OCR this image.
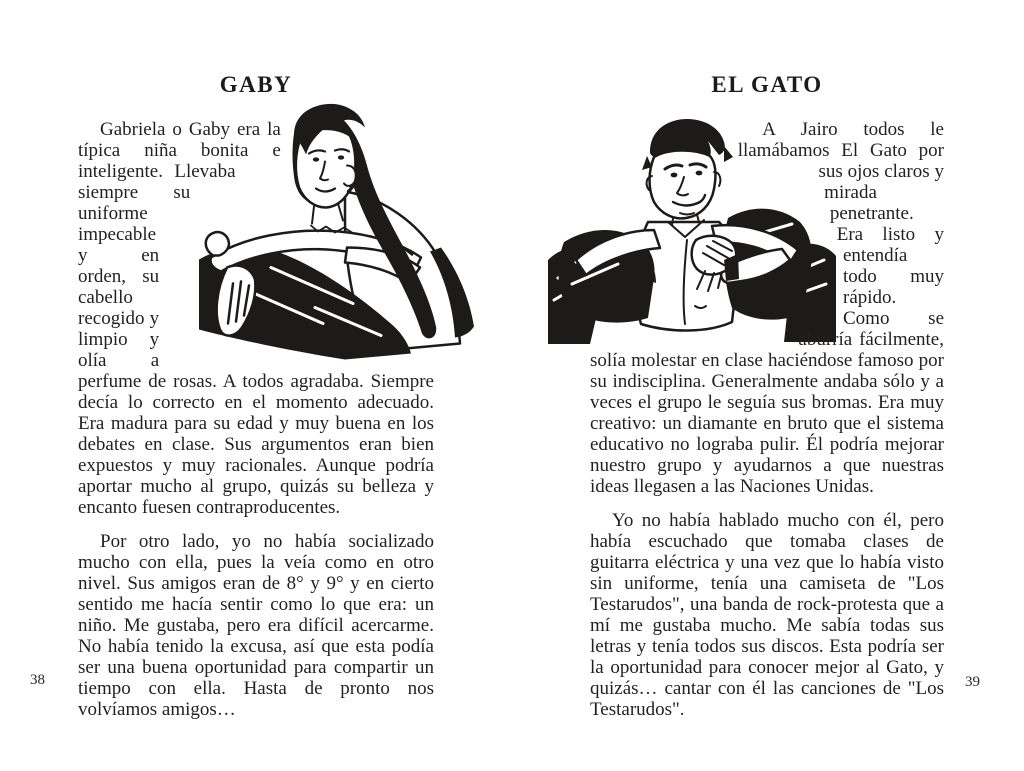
GABY

Gabriela o Gaby era la típica niña bonita e inteligente. Llevaba siempre su uniforme impecable y en orden, su cabello recogido y limpio y olía a perfume de rosas. A todos agradaba. Siempre decía lo correcto en el momento adecuado. Era madura para su edad y muy buena en los debates en clase. Sus argumentos eran bien expuestos y muy racionales. Aunque podría aportar mucho al grupo, quizás su belleza y encanto fuesen contraproducentes.

Por otro lado, yo no había socializado mucho con ella, pues la veía como en otro nivel. Sus amigos eran de 8° y 9° y en cierto sentido me hacía sentir como lo que era: un niño. Me gustaba, pero era difícil acercarme. No había tenido la excusa, así que esta podía ser una buena oportunidad para compartir un tiempo con ella. Hasta de pronto nos volvíamos amigos…

38
EL GATO

A Jairo todos le llamábamos El Gato por sus ojos claros y mirada penetrante. Era listo y entendía todo muy rápido. Como se aburría fácilmente, solía molestar en clase haciéndose famoso por su indisciplina. Generalmente andaba sólo y a veces el grupo le seguía sus bromas. Era muy creativo: un diamante en bruto que el sistema educativo no lograba pulir. Él podría mejorar nuestro grupo y ayudarnos a que nuestras ideas llegasen a las Naciones Unidas.

Yo no había hablado mucho con él, pero había escuchado que tomaba clases de guitarra eléctrica y una vez que lo había visto sin uniforme, tenía una camiseta de "Los Testarudos", una banda de rock-protesta que a mí me gustaba mucho. Me sabía todas sus letras y tenía todos sus discos. Esta podría ser la oportunidad para conocer mejor al Gato, y quizás… cantar con él las canciones de "Los Testarudos".

39
